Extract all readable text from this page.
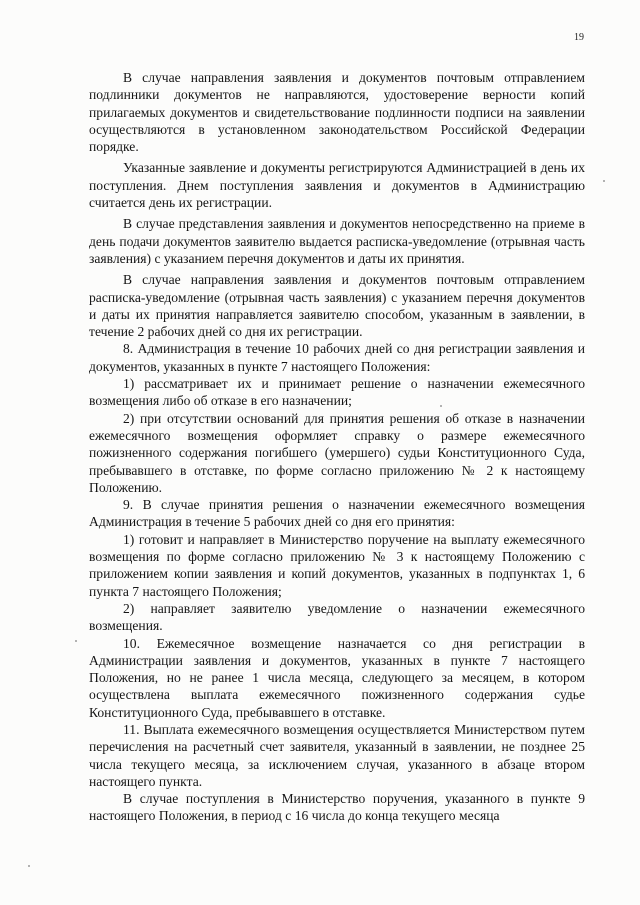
19

В случае направления заявления и документов почтовым отправлением подлинники документов не направляются, удостоверение верности копий прилагаемых документов и свидетельствование подлинности подписи на заявлении осуществляются в установленном законодательством Российской Федерации порядке.

Указанные заявление и документы регистрируются Администрацией в день их поступления. Днем поступления заявления и документов в Администрацию считается день их регистрации.

В случае представления заявления и документов непосредственно на приеме в день подачи документов заявителю выдается расписка-уведомление (отрывная часть заявления) с указанием перечня документов и даты их принятия.

В случае направления заявления и документов почтовым отправлением расписка-уведомление (отрывная часть заявления) с указанием перечня документов и даты их принятия направляется заявителю способом, указанным в заявлении, в течение 2 рабочих дней со дня их регистрации.

8. Администрация в течение 10 рабочих дней со дня регистрации заявления и документов, указанных в пункте 7 настоящего Положения:

1) рассматривает их и принимает решение о назначении ежемесячного возмещения либо об отказе в его назначении;

2) при отсутствии оснований для принятия решения об отказе в назначении ежемесячного возмещения оформляет справку о размере ежемесячного пожизненного содержания погибшего (умершего) судьи Конституционного Суда, пребывавшего в отставке, по форме согласно приложению № 2 к настоящему Положению.

9. В случае принятия решения о назначении ежемесячного возмещения Администрация в течение 5 рабочих дней со дня его принятия:

1) готовит и направляет в Министерство поручение на выплату ежемесячного возмещения по форме согласно приложению № 3 к настоящему Положению с приложением копии заявления и копий документов, указанных в подпунктах 1, 6 пункта 7 настоящего Положения;

2) направляет заявителю уведомление о назначении ежемесячного возмещения.

10. Ежемесячное возмещение назначается со дня регистрации в Администрации заявления и документов, указанных в пункте 7 настоящего Положения, но не ранее 1 числа месяца, следующего за месяцем, в котором осуществлена выплата ежемесячного пожизненного содержания судье Конституционного Суда, пребывавшего в отставке.

11. Выплата ежемесячного возмещения осуществляется Министерством путем перечисления на расчетный счет заявителя, указанный в заявлении, не позднее 25 числа текущего месяца, за исключением случая, указанного в абзаце втором настоящего пункта.

В случае поступления в Министерство поручения, указанного в пункте 9 настоящего Положения, в период с 16 числа до конца текущего месяца
